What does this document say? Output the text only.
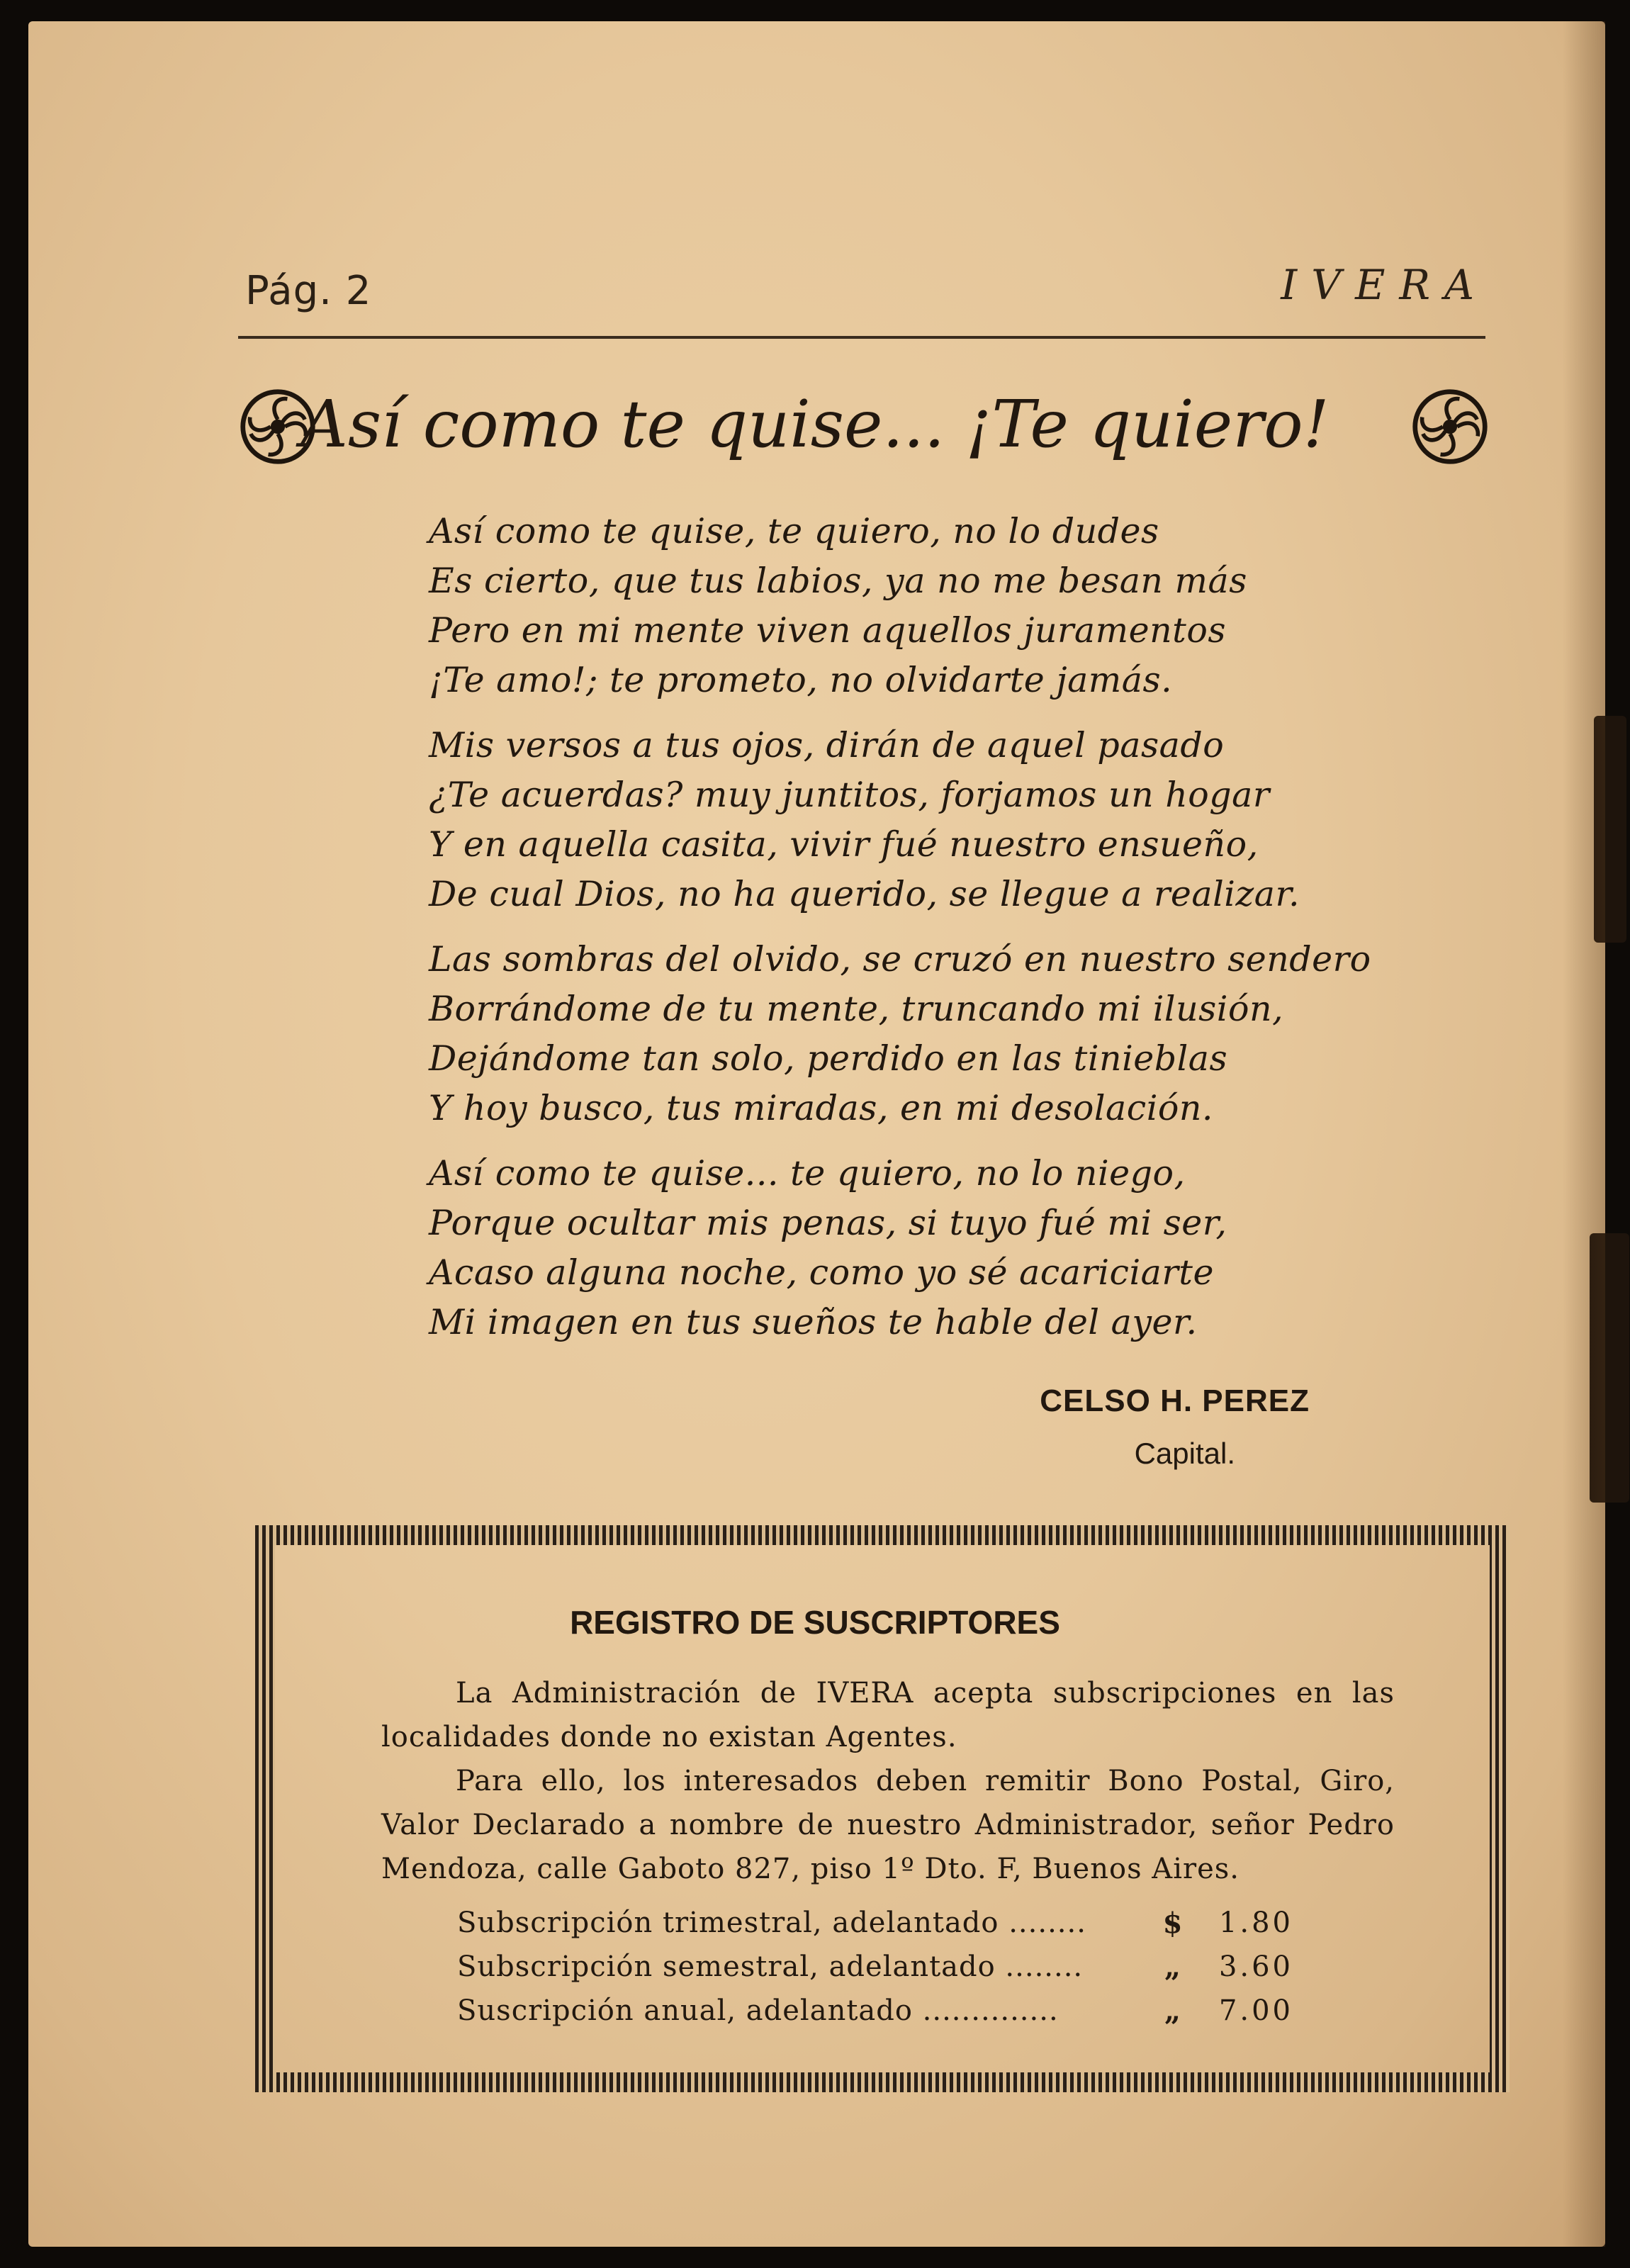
Pág. 2	IVERA
Así como te quise... ¡Te quiero!
Así como te quise, te quiero, no lo dudes
Es cierto, que tus labios, ya no me besan más
Pero en mi mente viven aquellos juramentos
¡Te amo!; te prometo, no olvidarte jamás.
Mis versos a tus ojos, dirán de aquel pasado
¿Te acuerdas? muy juntitos, forjamos un hogar
Y en aquella casita, vivir fué nuestro ensueño,
De cual Dios, no ha querido, se llegue a realizar.
Las sombras del olvido, se cruzó en nuestro sendero
Borrándome de tu mente, truncando mi ilusión,
Dejándome tan solo, perdido en las tinieblas
Y hoy busco, tus miradas, en mi desolación.
Así como te quise... te quiero, no lo niego,
Porque ocultar mis penas, si tuyo fué mi ser,
Acaso alguna noche, como yo sé acariciarte
Mi imagen en tus sueños te hable del ayer.
CELSO H. PEREZ
Capital.
REGISTRO DE SUSCRIPTORES

La Administración de IVERA acepta subscripciones en las localidades donde no existan Agentes.

Para ello, los interesados deben remitir Bono Postal, Giro, Valor Declarado a nombre de nuestro Administrador, señor Pedro Mendoza, calle Gaboto 827, piso 1º Dto. F, Buenos Aires.

Subscripción trimestral, adelantado ........	$	1.80
Subscripción semestral, adelantado ........	„	3.60
Suscripción anual, adelantado ..............	„	7.00
